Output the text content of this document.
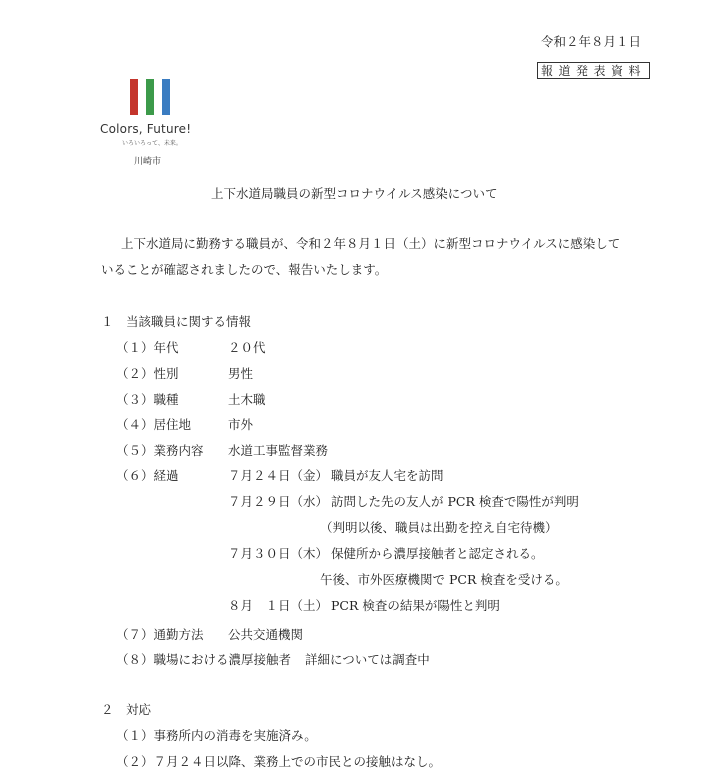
令和２年８月１日
報道発表資料
Colors, Future!
いろいろって、未来。
川崎市
上下水道局職員の新型コロナウイルス感染について
上下水道局に勤務する職員が、令和２年８月１日（土）に新型コロナウイルスに感染して
いることが確認されましたので、報告いたします。
１　当該職員に関する情報
（１）年代	２０代
（２）性別	男性
（３）職種	土木職
（４）居住地	市外
（５）業務内容 水道工事監督業務
（６）経過	７月２４日（金） 職員が友人宅を訪問
７月２９日（水） 訪問した先の友人が PCR 検査で陽性が判明
（判明以後、職員は出勤を控え自宅待機）
７月３０日（木） 保健所から濃厚接触者と認定される。
午後、市外医療機関で PCR 検査を受ける。
８月　１日（土） PCR 検査の結果が陽性と判明
（７）通勤方法 公共交通機関
（８）職場における濃厚接触者 詳細については調査中
２　対応
（１）事務所内の消毒を実施済み。
（２）７月２４日以降、業務上での市民との接触はなし。
